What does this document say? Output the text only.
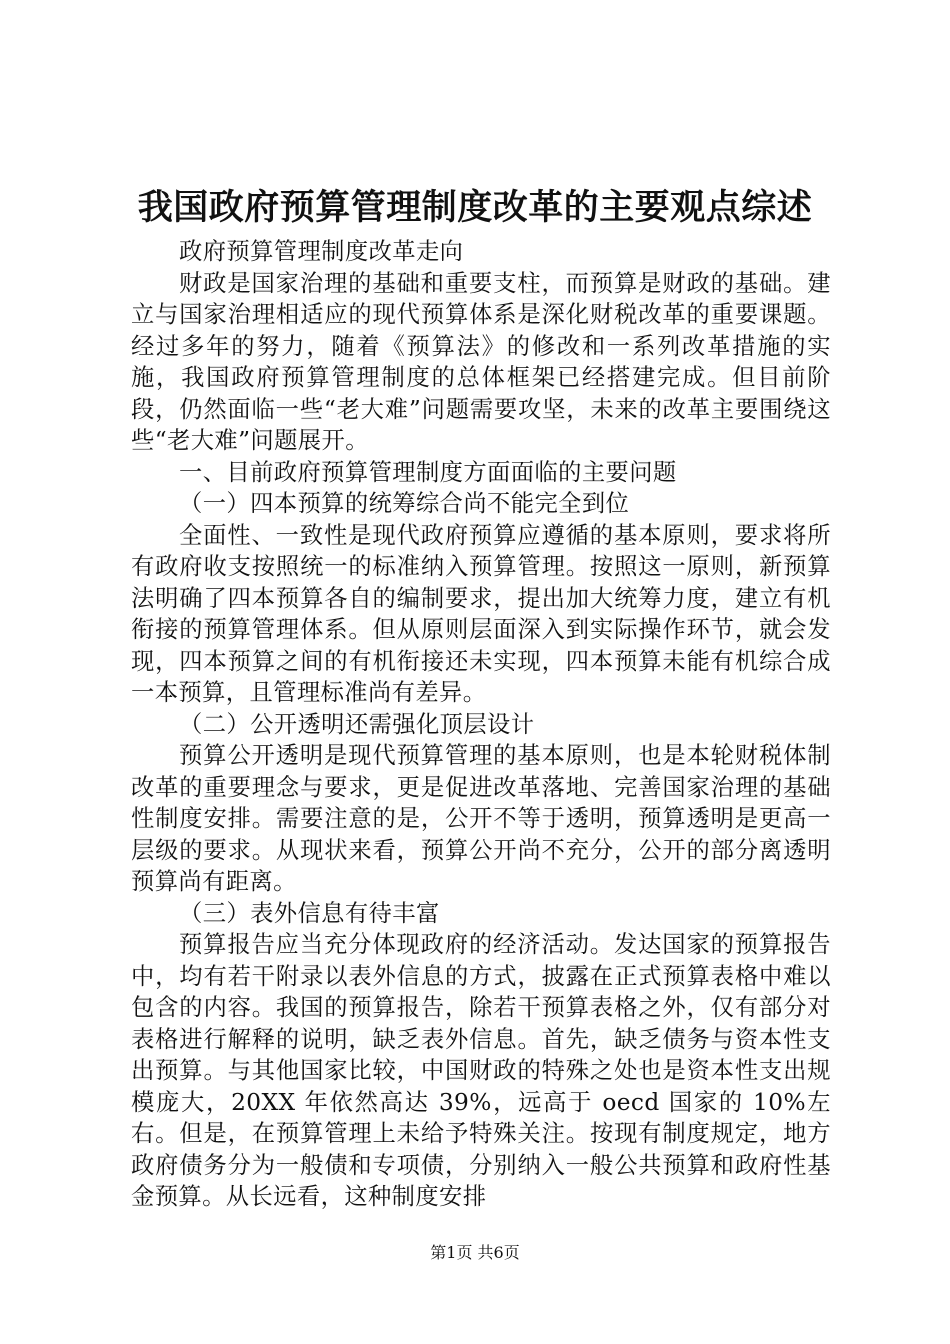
我国政府预算管理制度改革的主要观点综述

政府预算管理制度改革走向

财政是国家治理的基础和重要支柱，而预算是财政的基础。建立与国家治理相适应的现代预算体系是深化财税改革的重要课题。经过多年的努力，随着《预算法》的修改和一系列改革措施的实施，我国政府预算管理制度的总体框架已经搭建完成。但目前阶段，仍然面临一些“老大难”问题需要攻坚，未来的改革主要围绕这些“老大难”问题展开。

一、目前政府预算管理制度方面面临的主要问题

（一）四本预算的统筹综合尚不能完全到位

全面性、一致性是现代政府预算应遵循的基本原则，要求将所有政府收支按照统一的标准纳入预算管理。按照这一原则，新预算法明确了四本预算各自的编制要求，提出加大统筹力度，建立有机衔接的预算管理体系。但从原则层面深入到实际操作环节，就会发现，四本预算之间的有机衔接还未实现，四本预算未能有机综合成一本预算，且管理标准尚有差异。

（二）公开透明还需强化顶层设计

预算公开透明是现代预算管理的基本原则，也是本轮财税体制改革的重要理念与要求，更是促进改革落地、完善国家治理的基础性制度安排。需要注意的是，公开不等于透明，预算透明是更高一层级的要求。从现状来看，预算公开尚不充分，公开的部分离透明预算尚有距离。

（三）表外信息有待丰富

预算报告应当充分体现政府的经济活动。发达国家的预算报告中，均有若干附录以表外信息的方式，披露在正式预算表格中难以包含的内容。我国的预算报告，除若干预算表格之外，仅有部分对表格进行解释的说明，缺乏表外信息。首先，缺乏债务与资本性支出预算。与其他国家比较，中国财政的特殊之处也是资本性支出规模庞大，20XX 年依然高达 39%，远高于 oecd 国家的 10%左右。但是，在预算管理上未给予特殊关注。按现有制度规定，地方政府债务分为一般债和专项债，分别纳入一般公共预算和政府性基金预算。从长远看，这种制度安排

第1页 共6页
